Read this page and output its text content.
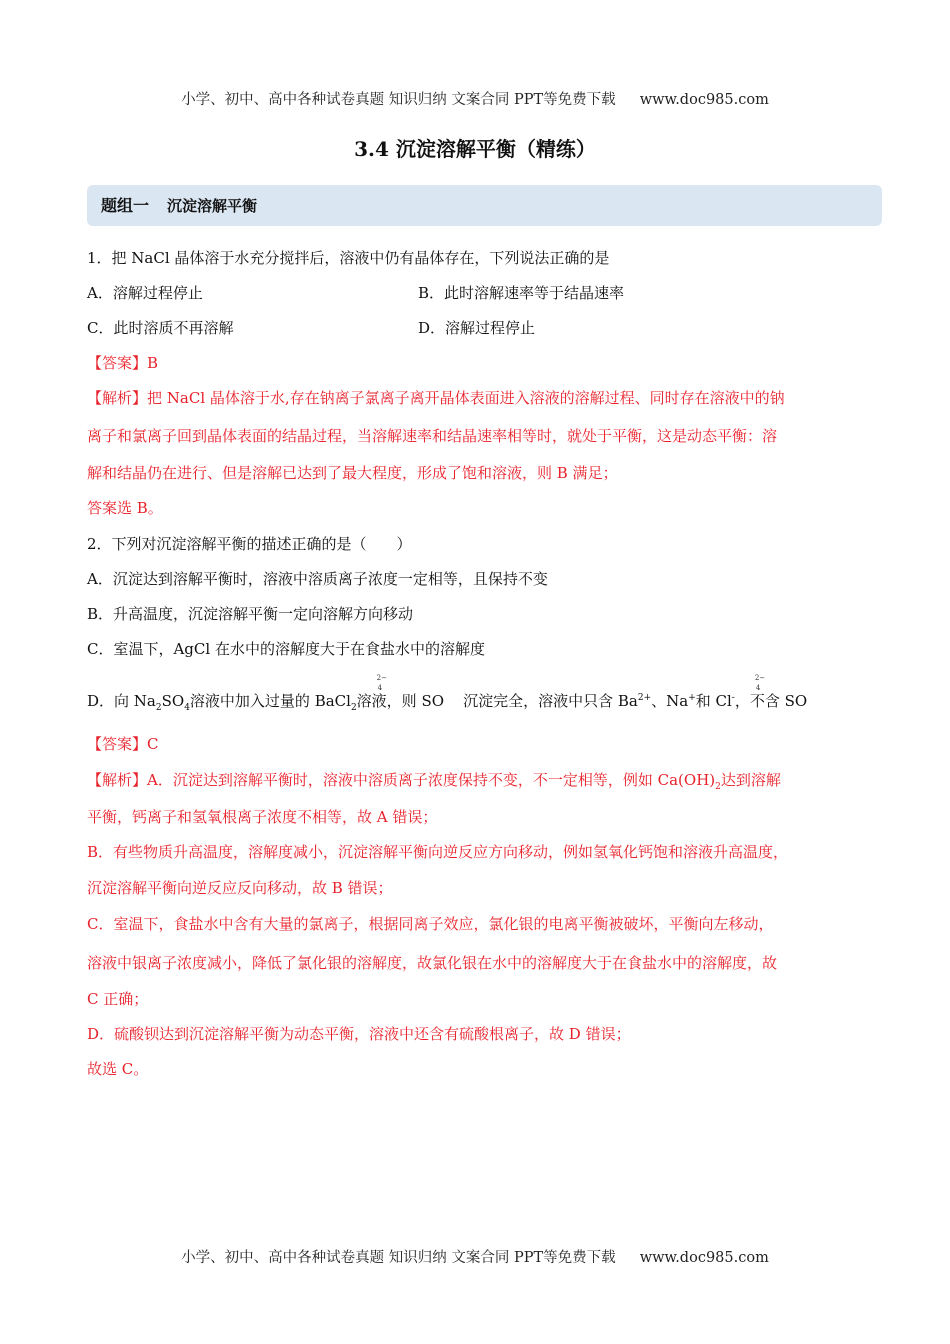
小学、初中、高中各种试卷真题 知识归纳 文案合同 PPT等免费下载 www.doc985.com
3.4 沉淀溶解平衡（精练）
题组一 沉淀溶解平衡
1．把 NaCl 晶体溶于水充分搅拌后，溶液中仍有晶体存在，下列说法正确的是
A．溶解过程停止	B．此时溶解速率等于结晶速率
C．此时溶质不再溶解	D．溶解过程停止
【答案】B
【解析】把 NaCl 晶体溶于水,存在钠离子氯离子离开晶体表面进入溶液的溶解过程、同时存在溶液中的钠
离子和氯离子回到晶体表面的结晶过程，当溶解速率和结晶速率相等时，就处于平衡，这是动态平衡：溶
解和结晶仍在进行、但是溶解已达到了最大程度，形成了饱和溶液，则 B 满足；
答案选 B。
2．下列对沉淀溶解平衡的描述正确的是（　　）
A．沉淀达到溶解平衡时，溶液中溶质离子浓度一定相等，且保持不变
B．升高温度，沉淀溶解平衡一定向溶解方向移动
C．室温下，AgCl 在水中的溶解度大于在食盐水中的溶解度
D．向 $Na_2SO_4$溶液中加入过量的 BaCl$_2$溶液，则 SO
2−
4
沉淀完全，溶液中只含 $Ba^{2+}$、Na+和 Cl-，不含 SO
2−
4
【答案】C
【解析】A．沉淀达到溶解平衡时，溶液中溶质离子浓度保持不变，不一定相等，例如 $Ca(OH)_2$达到溶解
平衡，钙离子和氢氧根离子浓度不相等，故 A 错误；
B．有些物质升高温度，溶解度减小，沉淀溶解平衡向逆反应方向移动，例如氢氧化钙饱和溶液升高温度，
沉淀溶解平衡向逆反应反向移动，故 B 错误；
C．室温下，食盐水中含有大量的氯离子，根据同离子效应，氯化银的电离平衡被破坏，平衡向左移动，
溶液中银离子浓度减小，降低了氯化银的溶解度，故氯化银在水中的溶解度大于在食盐水中的溶解度，故
C 正确；
D．硫酸钡达到沉淀溶解平衡为动态平衡，溶液中还含有硫酸根离子，故 D 错误；
故选 C。
小学、初中、高中各种试卷真题 知识归纳 文案合同 PPT等免费下载 www.doc985.com
